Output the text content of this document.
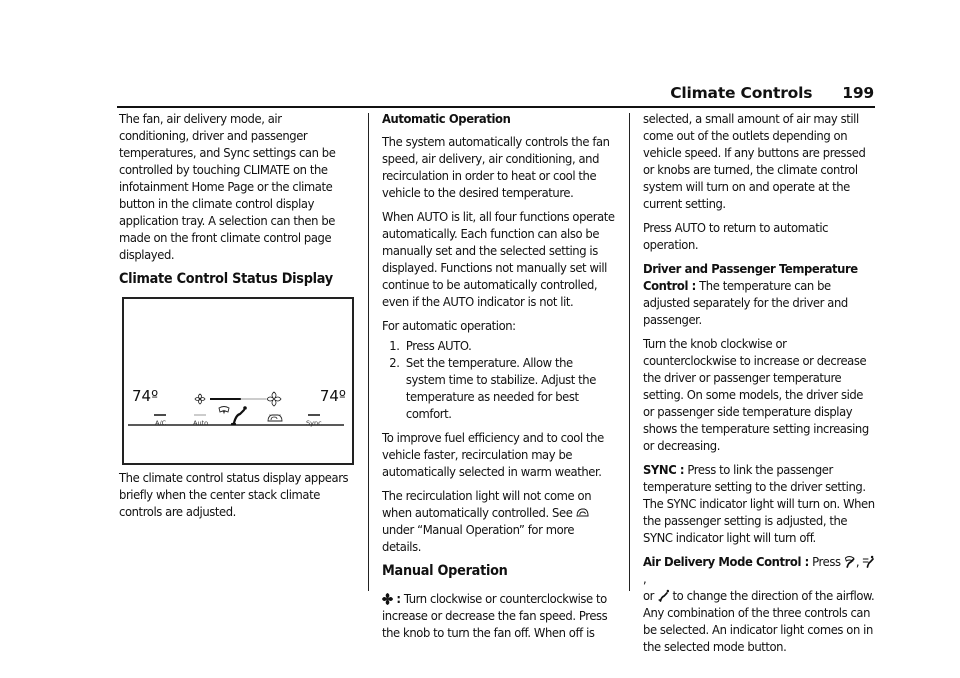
Climate Controls 199

The fan, air delivery mode, air conditioning, driver and passenger temperatures, and Sync settings can be controlled by touching CLIMATE on the infotainment Home Page or the climate button in the climate control display application tray. A selection can then be made on the front climate control page displayed.

Climate Control Status Display
74º	74º
A/C	Auto	Sync

The climate control status display appears briefly when the center stack climate controls are adjusted.

Automatic Operation

The system automatically controls the fan speed, air delivery, air conditioning, and recirculation in order to heat or cool the vehicle to the desired temperature.

When AUTO is lit, all four functions operate automatically. Each function can also be manually set and the selected setting is displayed. Functions not manually set will continue to be automatically controlled, even if the AUTO indicator is not lit.

For automatic operation:

1. Press AUTO.
2. Set the temperature. Allow the system time to stabilize. Adjust the temperature as needed for best comfort.

To improve fuel efficiency and to cool the vehicle faster, recirculation may be automatically selected in warm weather.

The recirculation light will not come on when automatically controlled. See  under “Manual Operation” for more details.

Manual Operation

: Turn clockwise or counterclockwise to increase or decrease the fan speed. Press the knob to turn the fan off. When off is

selected, a small amount of air may still come out of the outlets depending on vehicle speed. If any buttons are pressed or knobs are turned, the climate control system will turn on and operate at the current setting.

Press AUTO to return to automatic operation.

Driver and Passenger Temperature Control : The temperature can be adjusted separately for the driver and passenger.

Turn the knob clockwise or counterclockwise to increase or decrease the driver or passenger temperature setting. On some models, the driver side or passenger side temperature display shows the temperature setting increasing or decreasing.

SYNC : Press to link the passenger temperature setting to the driver setting. The SYNC indicator light will turn on. When the passenger setting is adjusted, the SYNC indicator light will turn off.

Air Delivery Mode Control : Press , ,
or to change the direction of the airflow. Any combination of the three controls can be selected. An indicator light comes on in the selected mode button.
